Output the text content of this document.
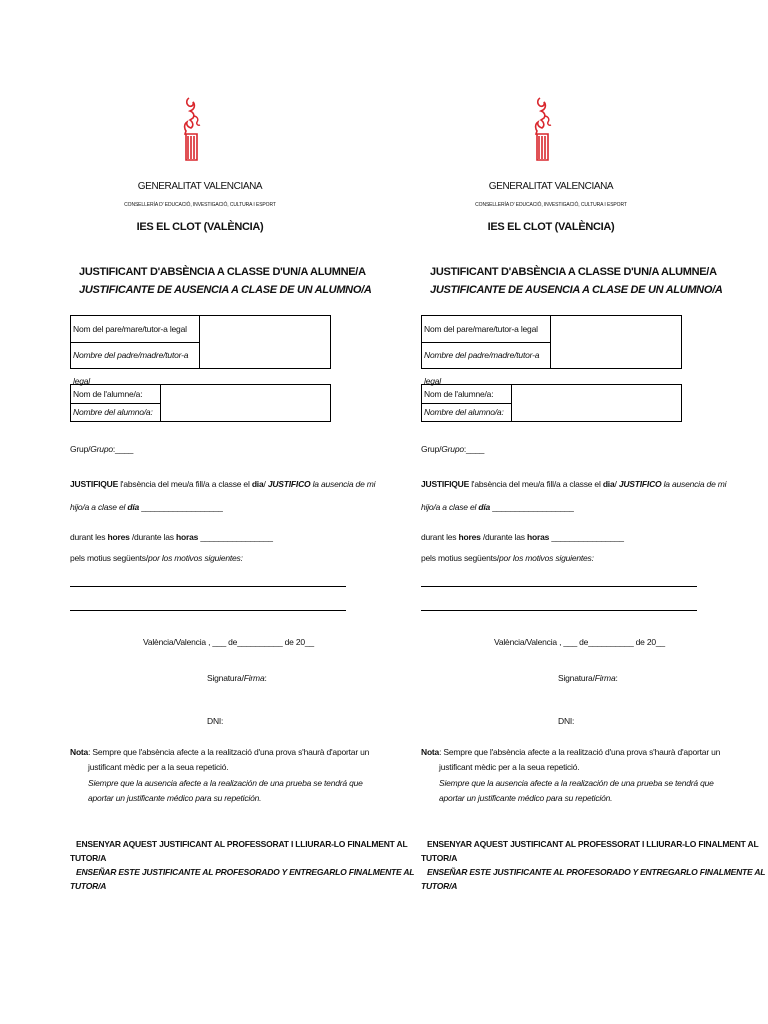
GENERALITAT VALENCIANA
CONSELLERÍA D' EDUCACIÓ, INVESTIGACIÓ, CULTURA I ESPORT
IES EL CLOT (VALÈNCIA)
JUSTIFICANT D'ABSÈNCIA A CLASSE D'UN/A ALUMNE/A
JUSTIFICANTE DE AUSENCIA A CLASE DE UN ALUMNO/A
Nom del pare/mare/tutor-a legal
Nombre del padre/madre/tutor-a legal
Nom de l'alumne/a:
Nombre del alumno/a:
Grup/Grupo:____
JUSTIFIQUE l'absència del meu/a fill/a a classe el dia/ JUSTIFICO la ausencia de mi
hijo/a a clase el día __________________
durant les hores /durante las horas ________________
pels motius següents/por los motivos siguientes:
València/Valencia , ___ de__________ de 20__
Signatura/Firma:
DNI:
Nota: Sempre que l'absència afecte a la realització d'una prova s'haurà d'aportar un
justificant mèdic per a la seua repetició.
Siempre que la ausencia afecte a la realización de una prueba se tendrá que
aportar un justificante médico para su repetición.
ENSENYAR AQUEST JUSTIFICANT AL PROFESSORAT I LLIURAR-LO FINALMENT AL
TUTOR/A
ENSEÑAR ESTE JUSTIFICANTE AL PROFESORADO Y ENTREGARLO FINALMENTE AL
TUTOR/A
GENERALITAT VALENCIANA
CONSELLERÍA D' EDUCACIÓ, INVESTIGACIÓ, CULTURA I ESPORT
IES EL CLOT (VALÈNCIA)
JUSTIFICANT D'ABSÈNCIA A CLASSE D'UN/A ALUMNE/A
JUSTIFICANTE DE AUSENCIA A CLASE DE UN ALUMNO/A
Nom del pare/mare/tutor-a legal
Nombre del padre/madre/tutor-a legal
Nom de l'alumne/a:
Nombre del alumno/a:
Grup/Grupo:____
JUSTIFIQUE l'absència del meu/a fill/a a classe el dia/ JUSTIFICO la ausencia de mi
hijo/a a clase el día __________________
durant les hores /durante las horas ________________
pels motius següents/por los motivos siguientes:
València/Valencia , ___ de__________ de 20__
Signatura/Firma:
DNI:
Nota: Sempre que l'absència afecte a la realització d'una prova s'haurà d'aportar un
justificant mèdic per a la seua repetició.
Siempre que la ausencia afecte a la realización de una prueba se tendrá que
aportar un justificante médico para su repetición.
ENSENYAR AQUEST JUSTIFICANT AL PROFESSORAT I LLIURAR-LO FINALMENT AL
TUTOR/A
ENSEÑAR ESTE JUSTIFICANTE AL PROFESORADO Y ENTREGARLO FINALMENTE AL
TUTOR/A
